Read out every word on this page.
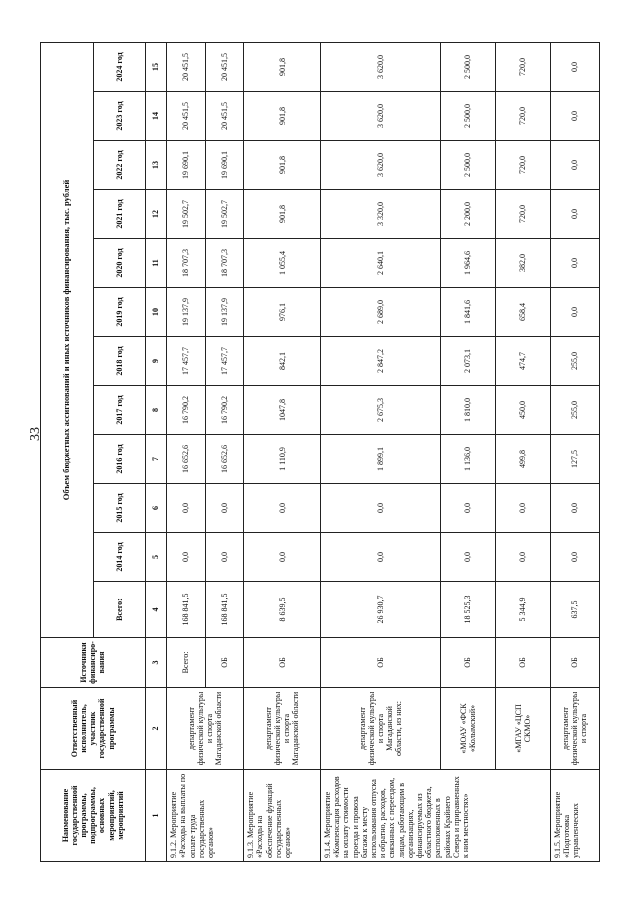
33
Наименование государственной программы, подпрограммы, основных мероприятий, мероприятий	Ответственный исполнитель, участник государственной программы	Источники финансиро-вания	Объем бюджетных ассигнований и иных источников финансирования, тыс. рублей											
			Всего:	2014 год	2015 год	2016 год	2017 год	2018 год	2019 год	2020 год	2021 год	2022 год	2023 год	2024 год
1	2	3	4	5	6	7	8	9	10	11	12	13	14	15
9.1.2. Мероприятие «Расходы на выплаты по оплате труда государственных органов»	департамент физической культуры и спорта Магаданской области	Всего:	168 841,5	0,0	0,0	16 652,6	16 790,2	17 457,7	19 137,9	18 707,3	19 502,7	19 690,1	20 451,5	20 451,5
		ОБ	168 841,5	0,0	0,0	16 652,6	16 790,2	17 457,7	19 137,9	18 707,3	19 502,7	19 690,1	20 451,5	20 451,5
9.1.3. Мероприятие «Расходы на обеспечение функций государственных органов»	департамент физической культуры и спорта Магаданской области	ОБ	8 639,5	0,0	0,0	1 110,9	1047,8	842,1	976,1	1 055,4	901,8	901,8	901,8	901,8
9.1.4. Мероприятие «Компенсация расходов на оплату стоимости проезда и провоза багажа к месту использования отпуска и обратно, расходов, связанных с переездом, лицам, работающим в организациях, финансируемых из областного бюджета, расположенных в районах Крайнего Севера и приравненных к ним местностях»	департамент физической культуры и спорта Магаданской области, из них:	ОБ	26 930,7	0,0	0,0	1 899,1	2 675,3	2 847,2	2 689,0	2 640,1	3 320,0	3 620,0	3 620,0	3 620,0
	«МОАУ «ФСК «Колымский»	ОБ	18 525,3	0,0	0,0	1 136,0	1 810,0	2 073,1	1 841,6	1 964,6	2 200,0	2 500,0	2 500,0	2 500,0
	«МГАУ «ЦСП СКМО»	ОБ	5 344,9	0,0	0,0	499,8	450,0	474,7	658,4	382,0	720,0	720,0	720,0	720,0
9.1.5. Мероприятие «Подготовка управленческих	департамент физической культуры и спорта	ОБ	637,5	0,0	0,0	127,5	255,0	255,0	0,0	0,0	0,0	0,0	0,0	0,0
